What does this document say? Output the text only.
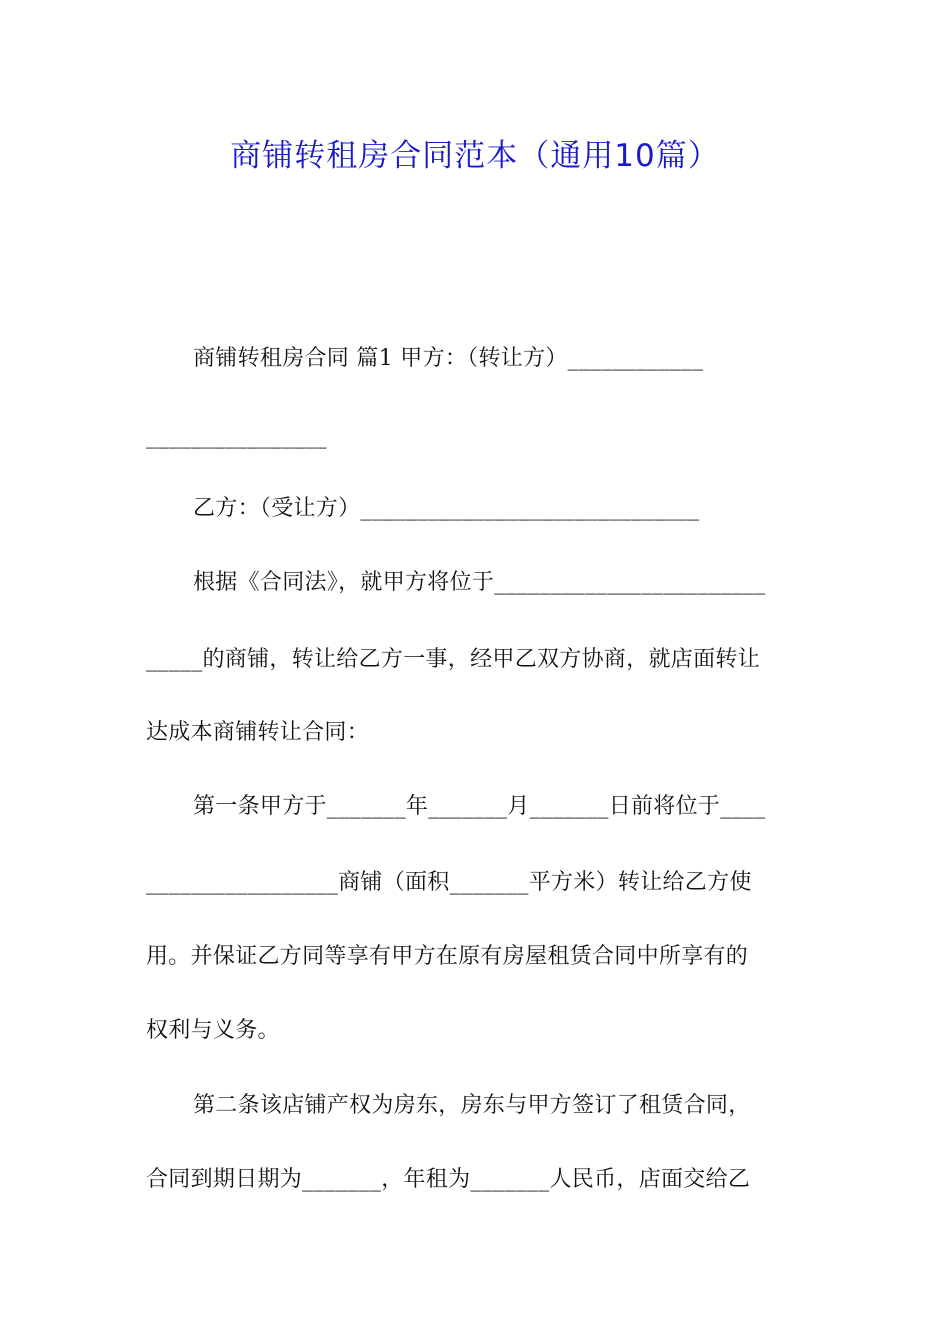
商铺转租房合同范本（通用10篇）
商铺转租房合同 篇1 甲方：（转让方）____________
________________
乙方：（受让方）______________________________
根据《合同法》，就甲方将位于________________________
_____的商铺，转让给乙方一事，经甲乙双方协商，就店面转让
达成本商铺转让合同：
第一条甲方于_______年_______月_______日前将位于____
_________________商铺（面积_______平方米）转让给乙方使
用。并保证乙方同等享有甲方在原有房屋租赁合同中所享有的
权利与义务。
第二条该店铺产权为房东，房东与甲方签订了租赁合同，
合同到期日期为_______，年租为_______人民币，店面交给乙
